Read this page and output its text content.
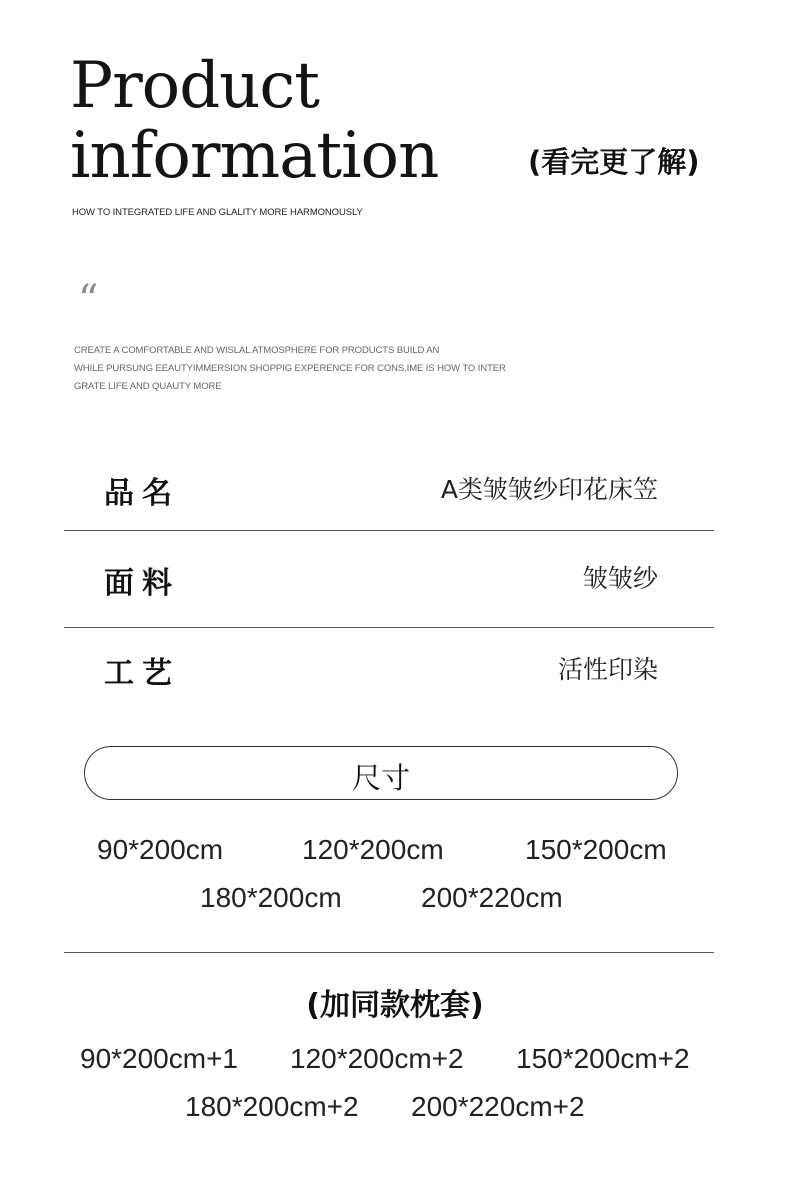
Product
information	(看完更了解)
HOW TO INTEGRATED LIFE AND GLALITY MORE HARMONOUSLY
“
CREATE A COMFORTABLE AND WISLAL ATMOSPHERE FOR PRODUCTS BUILD AN
WHILE PURSUNG EEAUTYIMMERSION SHOPPIG EXPERENCE FOR CONS.IME IS HOW TO INTER
GRATE LIFE AND QUAUTY MORE
品名	A类皱皱纱印花床笠
面料	皱皱纱
工艺	活性印染
尺寸
90*200cm	120*200cm	150*200cm
180*200cm	200*220cm
(加同款枕套)
90*200cm+1 120*200cm+2 150*200cm+2
180*200cm+2 200*220cm+2
